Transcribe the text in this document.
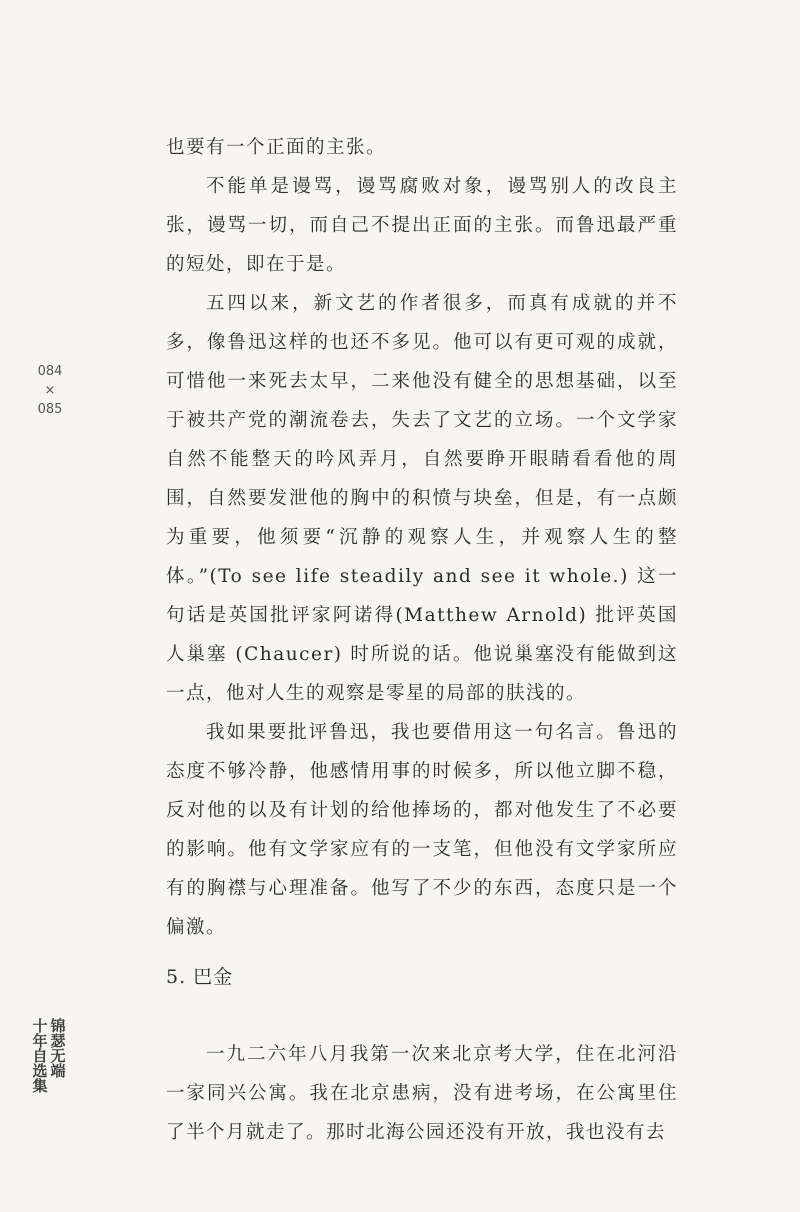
084
×
085
锦瑟无端
十年自选集

也要有一个正面的主张。

不能单是谩骂，谩骂腐败对象，谩骂别人的改良主张，谩骂一切，而自己不提出正面的主张。而鲁迅最严重的短处，即在于是。

五四以来，新文艺的作者很多，而真有成就的并不多，像鲁迅这样的也还不多见。他可以有更可观的成就，可惜他一来死去太早，二来他没有健全的思想基础，以至于被共产党的潮流卷去，失去了文艺的立场。一个文学家自然不能整天的吟风弄月，自然要睁开眼睛看看他的周围，自然要发泄他的胸中的积愤与块垒，但是，有一点颇为重要，他须要“沉静的观察人生，并观察人生的整体。”(To see life steadily and see it whole.) 这一句话是英国批评家阿诺得(Matthew Arnold) 批评英国人巢塞 (Chaucer) 时所说的话。他说巢塞没有能做到这一点，他对人生的观察是零星的局部的肤浅的。

我如果要批评鲁迅，我也要借用这一句名言。鲁迅的态度不够冷静，他感情用事的时候多，所以他立脚不稳，反对他的以及有计划的给他捧场的，都对他发生了不必要的影响。他有文学家应有的一支笔，但他没有文学家所应有的胸襟与心理准备。他写了不少的东西，态度只是一个偏激。

5. 巴金

一九二六年八月我第一次来北京考大学，住在北河沿一家同兴公寓。我在北京患病，没有进考场，在公寓里住了半个月就走了。那时北海公园还没有开放，我也没有去
